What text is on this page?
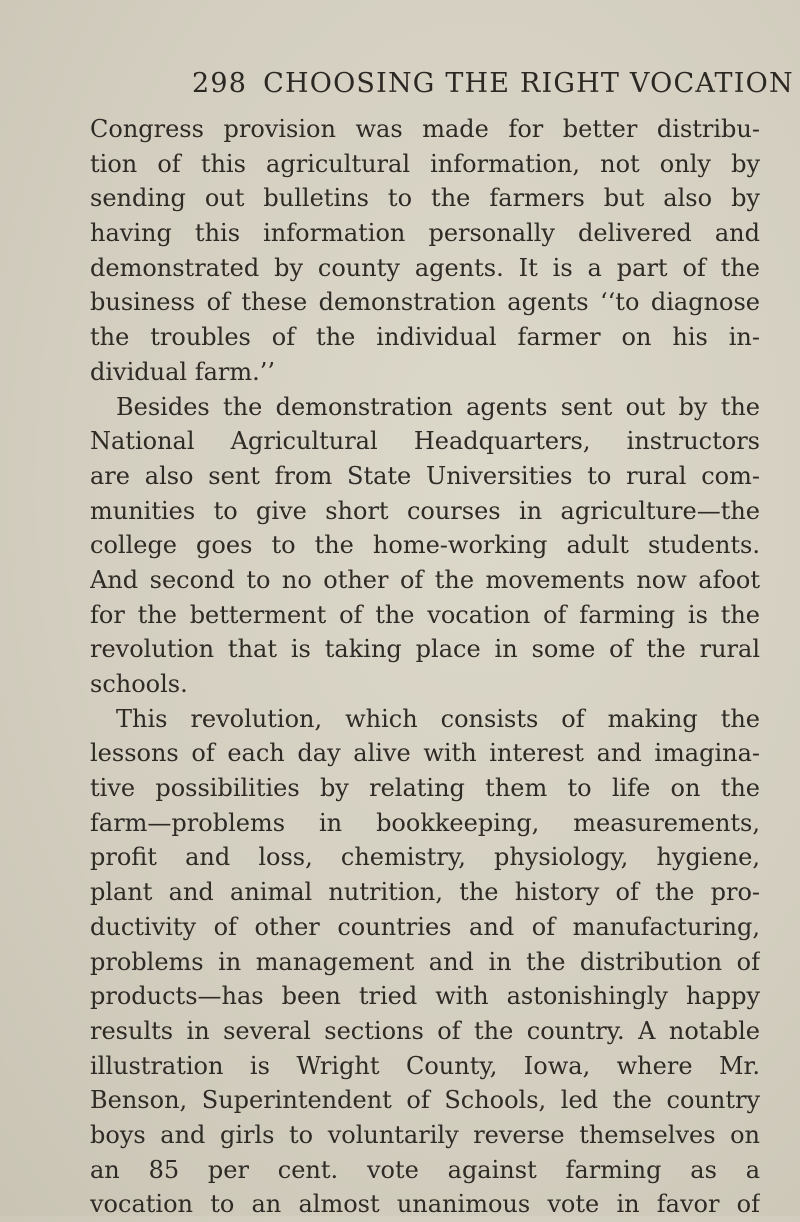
298 CHOOSING THE RIGHT VOCATION
Congress provision was made for better distribu-
tion of this agricultural information, not only by
sending out bulletins to the farmers but also by
having this information personally delivered and
demonstrated by county agents. It is a part of the
business of these demonstration agents ‘‘to diagnose
the troubles of the individual farmer on his in-
dividual farm.’’
Besides the demonstration agents sent out by the
National Agricultural Headquarters, instructors
are also sent from State Universities to rural com-
munities to give short courses in agriculture—the
college goes to the home-working adult students.
And second to no other of the movements now afoot
for the betterment of the vocation of farming is the
revolution that is taking place in some of the rural
schools.
This revolution, which consists of making the
lessons of each day alive with interest and imagina-
tive possibilities by relating them to life on the
farm—problems in bookkeeping, measurements,
profit and loss, chemistry, physiology, hygiene,
plant and animal nutrition, the history of the pro-
ductivity of other countries and of manufacturing,
problems in management and in the distribution of
products—has been tried with astonishingly happy
results in several sections of the country. A notable
illustration is Wright County, Iowa, where Mr.
Benson, Superintendent of Schools, led the country
boys and girls to voluntarily reverse themselves on
an 85 per cent. vote against farming as a
vocation to an almost unanimous vote in favor of
